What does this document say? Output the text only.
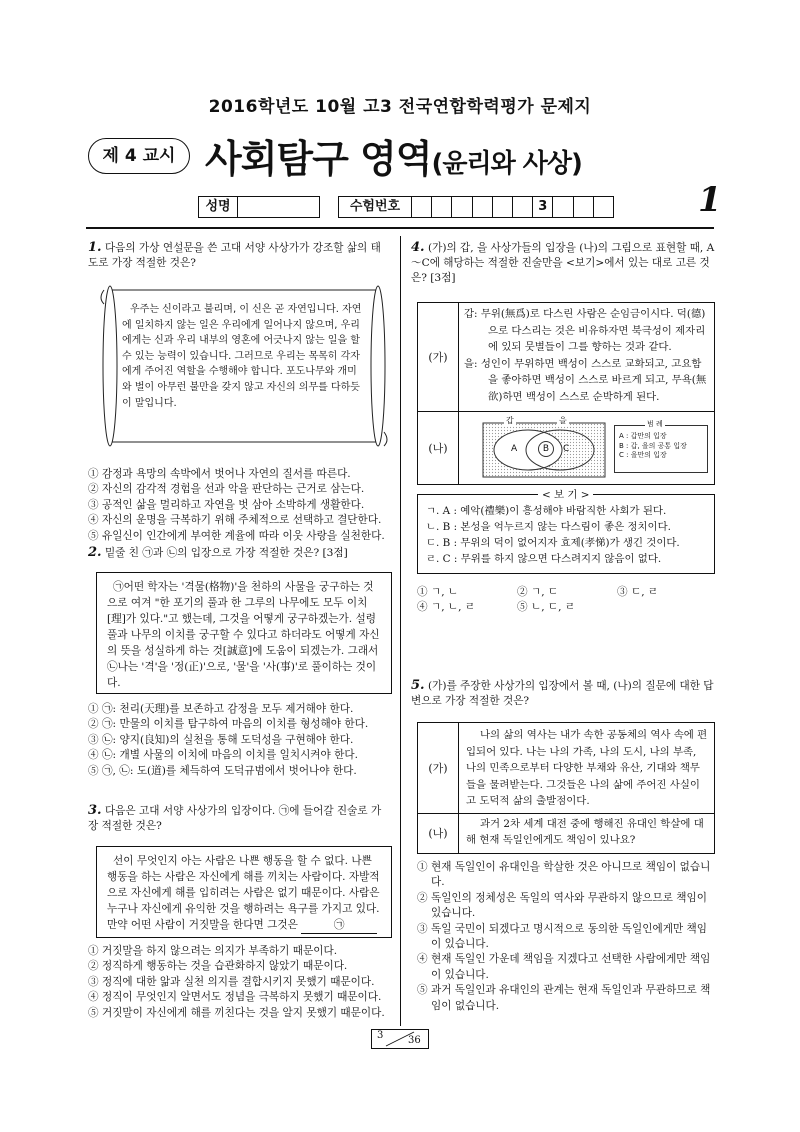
2016학년도 10월 고3 전국연합학력평가 문제지
제 4 교시 사회탐구 영역(윤리와 사상)
성명	수험번호	3	1
1. 다음의 가상 연설문을 쓴 고대 서양 사상가가 강조할 삶의 태도로 가장 적절한 것은?
우주는 신이라고 불리며, 이 신은 곧 자연입니다. 자연에 일치하지 않는 일은 우리에게 일어나지 않으며, 우리에게는 신과 우리 내부의 영혼에 어긋나지 않는 일을 할 수 있는 능력이 있습니다. 그러므로 우리는 목목히 각자에게 주어진 역할을 수행해야 합니다. 포도나무와 개미와 벌이 아무런 불만을 갖지 않고 자신의 의무를 다하듯이 말입니다.
① 감정과 욕망의 속박에서 벗어나 자연의 질서를 따른다.
② 자신의 감각적 경험을 선과 악을 판단하는 근거로 삼는다.
③ 공적인 삶을 멀리하고 자연을 벗 삼아 소박하게 생활한다.
④ 자신의 운명을 극복하기 위해 주체적으로 선택하고 결단한다.
⑤ 유일신이 인간에게 부여한 계율에 따라 이웃 사랑을 실천한다.
2. 밑줄 친 ㉠과 ㉡의 입장으로 가장 적절한 것은? [3점]
㉠어떤 학자는 '격물(格物)'을 천하의 사물을 궁구하는 것으로 여겨 "한 포기의 풀과 한 그루의 나무에도 모두 이치[理]가 있다."고 했는데, 그것을 어떻게 궁구하겠는가. 설령 풀과 나무의 이치를 궁구할 수 있다고 하더라도 어떻게 자신의 뜻을 성실하게 하는 것[誠意]에 도움이 되겠는가. 그래서 ㉡나는 '격'을 '정(正)'으로, '물'을 '사(事)'로 풀이하는 것이다.
① ㉠: 천리(天理)를 보존하고 감정을 모두 제거해야 한다.
② ㉠: 만물의 이치를 탐구하여 마음의 이치를 형성해야 한다.
③ ㉡: 양지(良知)의 실천을 통해 도덕성을 구현해야 한다.
④ ㉡: 개별 사물의 이치에 마음의 이치를 일치시켜야 한다.
⑤ ㉠, ㉡: 도(道)를 체득하여 도덕규범에서 벗어나야 한다.
3. 다음은 고대 서양 사상가의 입장이다. ㉠에 들어갈 진술로 가장 적절한 것은?
선이 무엇인지 아는 사람은 나쁜 행동을 할 수 없다. 나쁜 행동을 하는 사람은 자신에게 해를 끼치는 사람이다. 자발적으로 자신에게 해를 입히려는 사람은 없기 때문이다. 사람은 누구나 자신에게 유익한 것을 행하려는 욕구를 가지고 있다. 만약 어떤 사람이 거짓말을 한다면 그것은	㉠
① 거짓말을 하지 않으려는 의지가 부족하기 때문이다.
② 정직하게 행동하는 것을 습관화하지 않았기 때문이다.
③ 정직에 대한 앎과 실천 의지를 결합시키지 못했기 때문이다.
④ 정직이 무엇인지 알면서도 정념을 극복하지 못했기 때문이다.
⑤ 거짓말이 자신에게 해를 끼친다는 것을 알지 못했기 때문이다.
4. (가)의 갑, 을 사상가들의 입장을 (나)의 그림으로 표현할 때, A～C에 해당하는 적절한 진술만을 <보기>에서 있는 대로 고른 것은? [3점]
(가)
갑: 무위(無爲)로 다스린 사람은 순임금이시다. 덕(德)으로 다스리는 것은 비유하자면 북극성이 제자리에 있되 뭇별들이 그를 향하는 것과 같다.
을: 성인이 무위하면 백성이 스스로 교화되고, 고요함을 좋아하면 백성이 스스로 바르게 되고, 무욕(無欲)하면 백성이 스스로 순박하게 된다.
(나)
갑	을
A	B	C
범 례
A : 갑만의 입장
B : 갑, 을의 공통 입장
C : 을만의 입장
< 보 기 >
ㄱ. A : 예악(禮樂)이 흥성해야 바람직한 사회가 된다.
ㄴ. B : 본성을 억누르지 않는 다스림이 좋은 정치이다.
ㄷ. B : 무위의 덕이 없어지자 효제(孝悌)가 생긴 것이다.
ㄹ. C : 무위를 하지 않으면 다스려지지 않음이 없다.
① ㄱ, ㄴ	② ㄱ, ㄷ	③ ㄷ, ㄹ
④ ㄱ, ㄴ, ㄹ	⑤ ㄴ, ㄷ, ㄹ
5. (가)를 주장한 사상가의 입장에서 볼 때, (나)의 질문에 대한 답변으로 가장 적절한 것은?
(가)
나의 삶의 역사는 내가 속한 공동체의 역사 속에 편입되어 있다. 나는 나의 가족, 나의 도시, 나의 부족, 나의 민족으로부터 다양한 부채와 유산, 기대와 책무들을 물려받는다. 그것들은 나의 삶에 주어진 사실이고 도덕적 삶의 출발점이다.
(나)
과거 2차 세계 대전 중에 행해진 유대인 학살에 대해 현재 독일인에게도 책임이 있나요?
① 현재 독일인이 유대인을 학살한 것은 아니므로 책임이 없습니다.
② 독일인의 정체성은 독일의 역사와 무관하지 않으므로 책임이 있습니다.
③ 독일 국민이 되겠다고 명시적으로 동의한 독일인에게만 책임이 있습니다.
④ 현재 독일인 가운데 책임을 지겠다고 선택한 사람에게만 책임이 있습니다.
⑤ 과거 독일인과 유대인의 관계는 현재 독일인과 무관하므로 책임이 없습니다.
3 36
